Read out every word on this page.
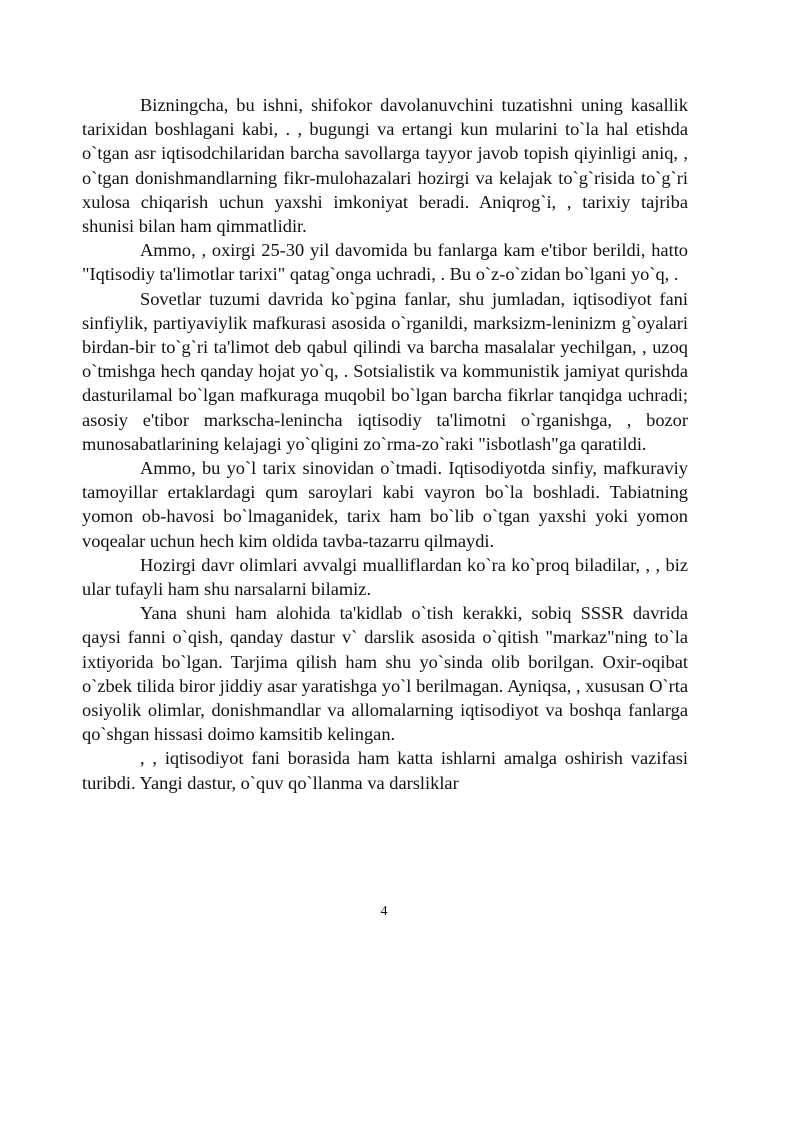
Bizningcha, bu ishni, shifokor davolanuvchini tuzatishni uning kasallik tarixidan boshlagani kabi, . , bugungi va ertangi kun mularini to`la hal etishda o`tgan asr iqtisodchilaridan barcha savollarga tayyor javob topish qiyinligi aniq, , o`tgan donishmandlarning fikr-mulohazalari hozirgi va kelajak to`g`risida to`g`ri xulosa chiqarish uchun yaxshi imkoniyat beradi. Aniqrog`i, , tarixiy tajriba shunisi bilan ham qimmatlidir.

Ammo, , oxirgi 25-30 yil davomida bu fanlarga kam e'tibor berildi, hatto "Iqtisodiy ta'limotlar tarixi" qatag`onga uchradi, . Bu o`z-o`zidan bo`lgani yo`q, .

Sovetlar tuzumi davrida ko`pgina fanlar, shu jumladan, iqtisodiyot fani sinfiylik, partiyaviylik mafkurasi asosida o`rganildi, marksizm-leninizm g`oyalari birdan-bir to`g`ri ta'limot deb qabul qilindi va barcha masalalar yechilgan, , uzoq o`tmishga hech qanday hojat yo`q, . Sotsialistik va kommunistik jamiyat qurishda dasturilamal bo`lgan mafkuraga muqobil bo`lgan barcha fikrlar tanqidga uchradi; asosiy e'tibor markscha-lenincha iqtisodiy ta'limotni o`rganishga, , bozor munosabatlarining kelajagi yo`qligini zo`rma-zo`raki "isbotlash"ga qaratildi.

Ammo, bu yo`l tarix sinovidan o`tmadi. Iqtisodiyotda sinfiy, mafkuraviy tamoyillar ertaklardagi qum saroylari kabi vayron bo`la boshladi. Tabiatning yomon ob-havosi bo`lmaganidek, tarix ham bo`lib o`tgan yaxshi yoki yomon voqealar uchun hech kim oldida tavba-tazarru qilmaydi.

Hozirgi davr olimlari avvalgi mualliflardan ko`ra ko`proq biladilar, , , biz ular tufayli ham shu narsalarni bilamiz.

Yana shuni ham alohida ta'kidlab o`tish kerakki, sobiq SSSR davrida qaysi fanni o`qish, qanday dastur v` darslik asosida o`qitish "markaz"ning to`la ixtiyorida bo`lgan. Tarjima qilish ham shu yo`sinda olib borilgan. Oxir-oqibat o`zbek tilida biror jiddiy asar yaratishga yo`l berilmagan. Ayniqsa, , xususan O`rta osiyolik olimlar, donishmandlar va allomalarning iqtisodiyot va boshqa fanlarga qo`shgan hissasi doimo kamsitib kelingan.

, , iqtisodiyot fani borasida ham katta ishlarni amalga oshirish vazifasi turibdi. Yangi dastur, o`quv qo`llanma va darsliklar

4
